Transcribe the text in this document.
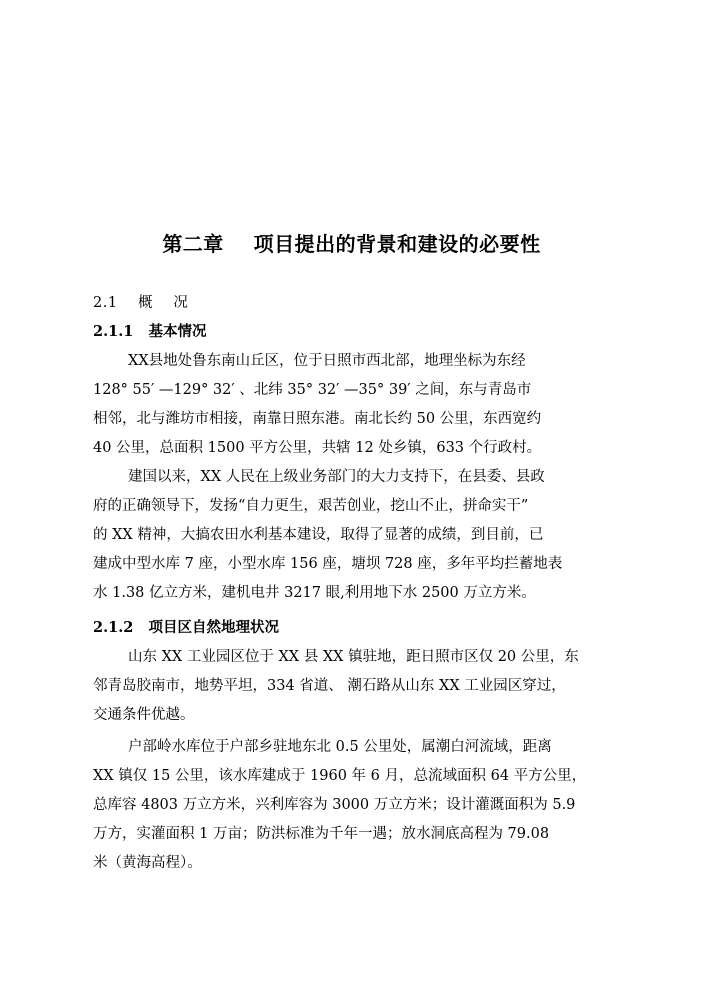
第二章    项目提出的背景和建设的必要性
2.1    概    况
2.1.1   基本情况
XX县地处鲁东南山丘区，位于日照市西北部，地理坐标为东经
128° 55′ —129° 32′ 、北纬 35° 32′ —35° 39′ 之间，东与青岛市
相邻，北与潍坊市相接，南靠日照东港。南北长约 50 公里，东西宽约
40 公里，总面积 1500 平方公里，共辖 12 处乡镇，633 个行政村。
建国以来，XX 人民在上级业务部门的大力支持下，在县委、县政
府的正确领导下，发扬“自力更生，艰苦创业，挖山不止，拼命实干”
的 XX 精神，大搞农田水利基本建设，取得了显著的成绩，到目前，已
建成中型水库 7 座，小型水库 156 座，塘坝 728 座，多年平均拦蓄地表
水 1.38 亿立方米，建机电井 3217 眼,利用地下水 2500 万立方米。
2.1.2   项目区自然地理状况
山东 XX 工业园区位于 XX 县 XX 镇驻地，距日照市区仅 20 公里，东
邻青岛胶南市，地势平坦，334 省道、 潮石路从山东 XX 工业园区穿过，
交通条件优越。
户部岭水库位于户部乡驻地东北 0.5 公里处，属潮白河流域，距离
XX 镇仅 15 公里，该水库建成于 1960 年 6 月，总流域面积 64 平方公里，
总库容 4803 万立方米，兴利库容为 3000 万立方米；设计灌溉面积为 5.9
万方，实灌面积 1 万亩；防洪标准为千年一遇；放水洞底高程为 79.08
米（黄海高程）。
